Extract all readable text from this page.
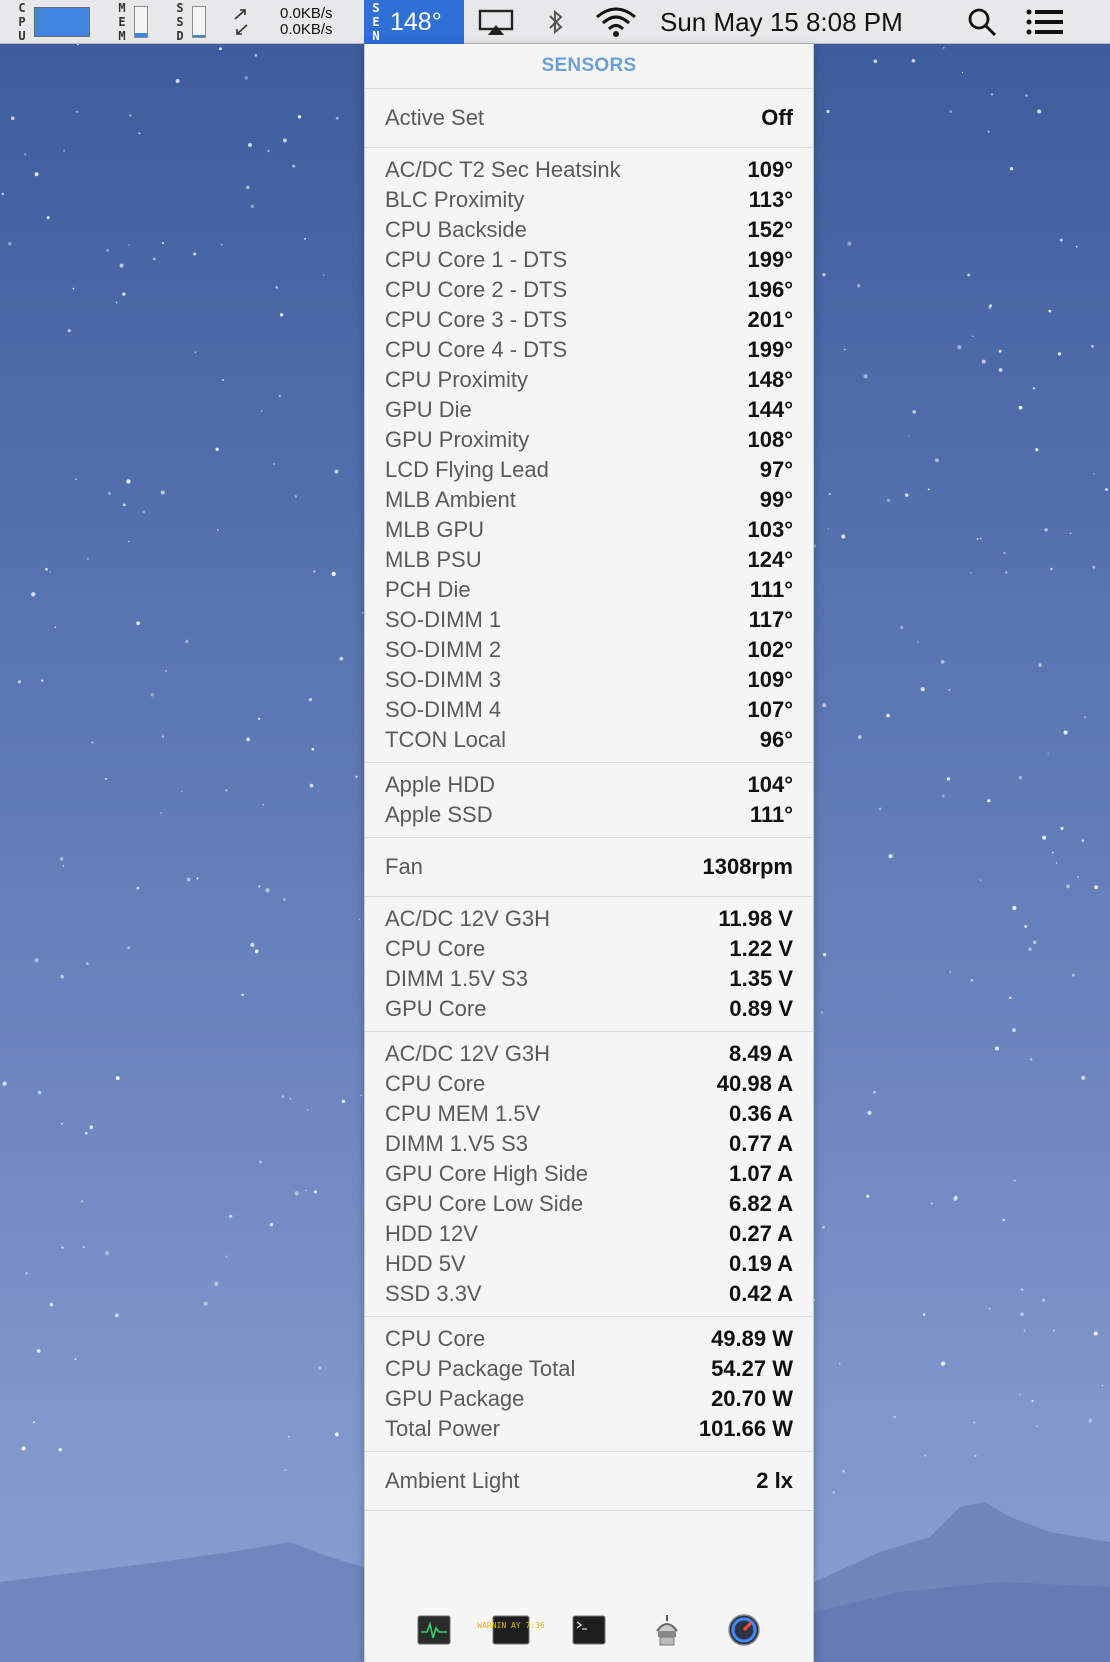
CPU	MEM	SSD	0.0KB/s
0.0KB/s	SEN 148°	Sun May 15 8:08 PM
SENSORS
Active Set	Off
AC/DC T2 Sec Heatsink	109°
BLC Proximity	113°
CPU Backside	152°
CPU Core 1 - DTS	199°
CPU Core 2 - DTS	196°
CPU Core 3 - DTS	201°
CPU Core 4 - DTS	199°
CPU Proximity	148°
GPU Die	144°
GPU Proximity	108°
LCD Flying Lead	97°
MLB Ambient	99°
MLB GPU	103°
MLB PSU	124°
PCH Die	111°
SO-DIMM 1	117°
SO-DIMM 2	102°
SO-DIMM 3	109°
SO-DIMM 4	107°
TCON Local	96°
Apple HDD	104°
Apple SSD	111°
Fan	1308rpm
AC/DC 12V G3H	11.98 V
CPU Core	1.22 V
DIMM 1.5V S3	1.35 V
GPU Core	0.89 V
AC/DC 12V G3H	8.49 A
CPU Core	40.98 A
CPU MEM 1.5V	0.36 A
DIMM 1.V5 S3	0.77 A
GPU Core High Side	1.07 A
GPU Core Low Side	6.82 A
HDD 12V	0.27 A
HDD 5V	0.19 A
SSD 3.3V	0.42 A
CPU Core	49.89 W
CPU Package Total	54.27 W
GPU Package	20.70 W
Total Power	101.66 W
Ambient Light	2 lx
WARNIN AY 7:36
